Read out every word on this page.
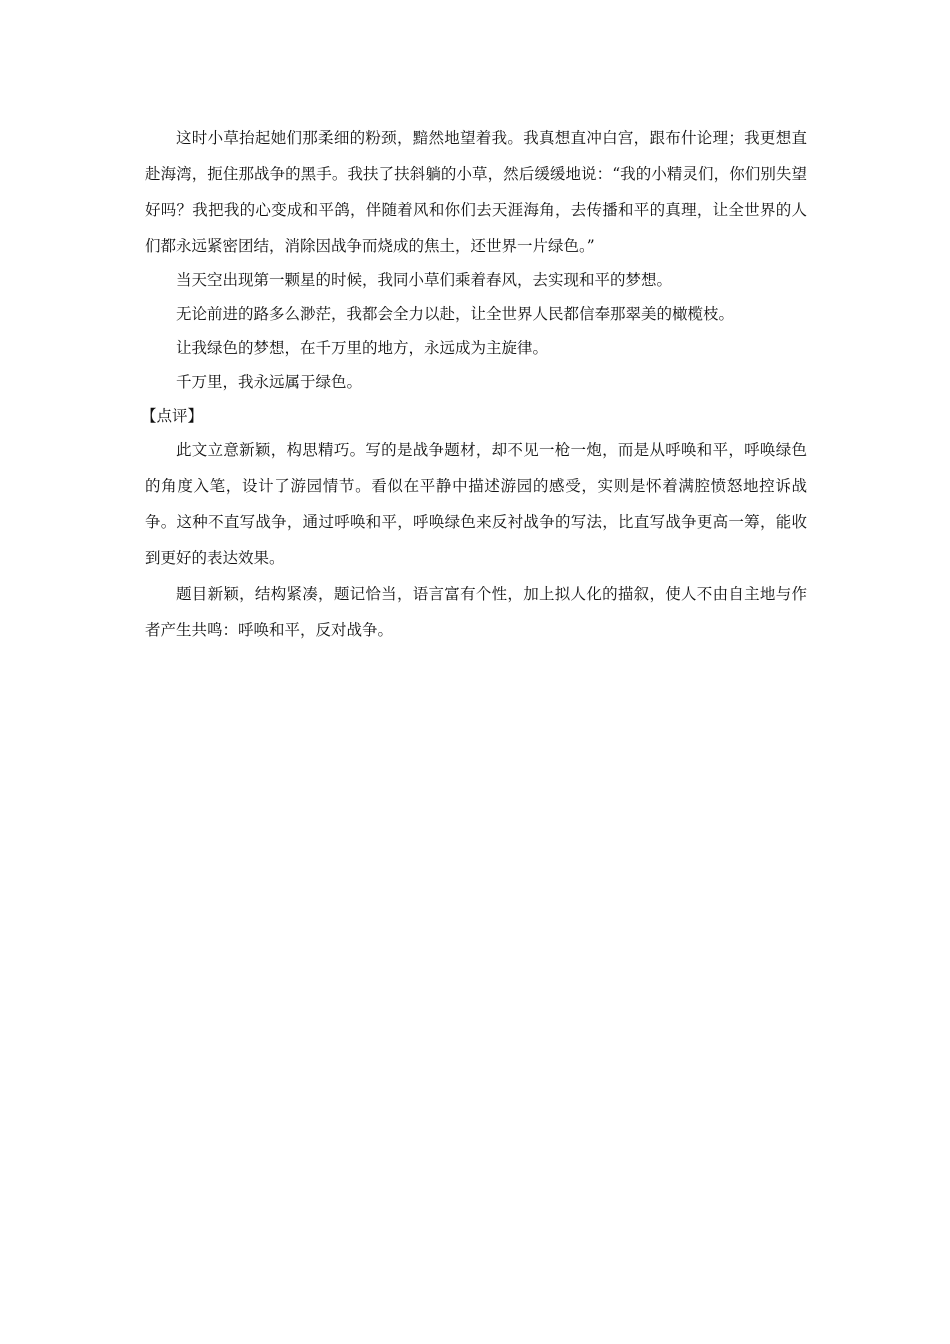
这时小草抬起她们那柔细的粉颈，黯然地望着我。我真想直冲白宫，跟布什论理；我更想直赴海湾，扼住那战争的黑手。我扶了扶斜躺的小草，然后缓缓地说：“我的小精灵们，你们别失望好吗？我把我的心变成和平鸽，伴随着风和你们去天涯海角，去传播和平的真理，让全世界的人们都永远紧密团结，消除因战争而烧成的焦土，还世界一片绿色。”

当天空出现第一颗星的时候，我同小草们乘着春风，去实现和平的梦想。

无论前进的路多么渺茫，我都会全力以赴，让全世界人民都信奉那翠美的橄榄枝。

让我绿色的梦想，在千万里的地方，永远成为主旋律。

千万里，我永远属于绿色。

【点评】

此文立意新颖，构思精巧。写的是战争题材，却不见一枪一炮，而是从呼唤和平，呼唤绿色的角度入笔，设计了游园情节。看似在平静中描述游园的感受，实则是怀着满腔愤怒地控诉战争。这种不直写战争，通过呼唤和平，呼唤绿色来反衬战争的写法，比直写战争更高一筹，能收到更好的表达效果。

题目新颖，结构紧凑，题记恰当，语言富有个性，加上拟人化的描叙，使人不由自主地与作者产生共鸣：呼唤和平，反对战争。
